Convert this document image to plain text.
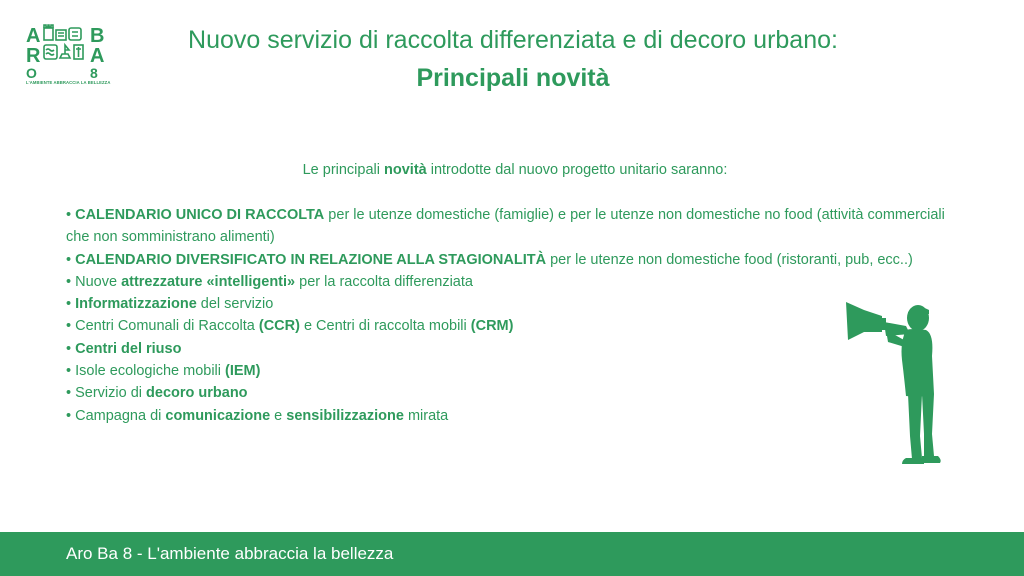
A
R
O
B
A
8
L'AMBIENTE ABBRACCIA LA BELLEZZA
Nuovo servizio di raccolta differenziata e di decoro urbano:
Principali novità
Le principali novità introdotte dal nuovo progetto unitario saranno:
• CALENDARIO UNICO DI RACCOLTA per le utenze domestiche (famiglie) e per le utenze non domestiche no food (attività commerciali che non somministrano alimenti)
• CALENDARIO DIVERSIFICATO IN RELAZIONE ALLA STAGIONALITÀ per le utenze non domestiche food (ristoranti, pub, ecc..)
• Nuove attrezzature «intelligenti» per la raccolta differenziata
• Informatizzazione del servizio
• Centri Comunali di Raccolta (CCR) e Centri di raccolta mobili (CRM)
• Centri del riuso
• Isole ecologiche mobili (IEM)
• Servizio di decoro urbano
• Campagna di comunicazione e sensibilizzazione mirata
Aro Ba 8 - L'ambiente abbraccia la bellezza
